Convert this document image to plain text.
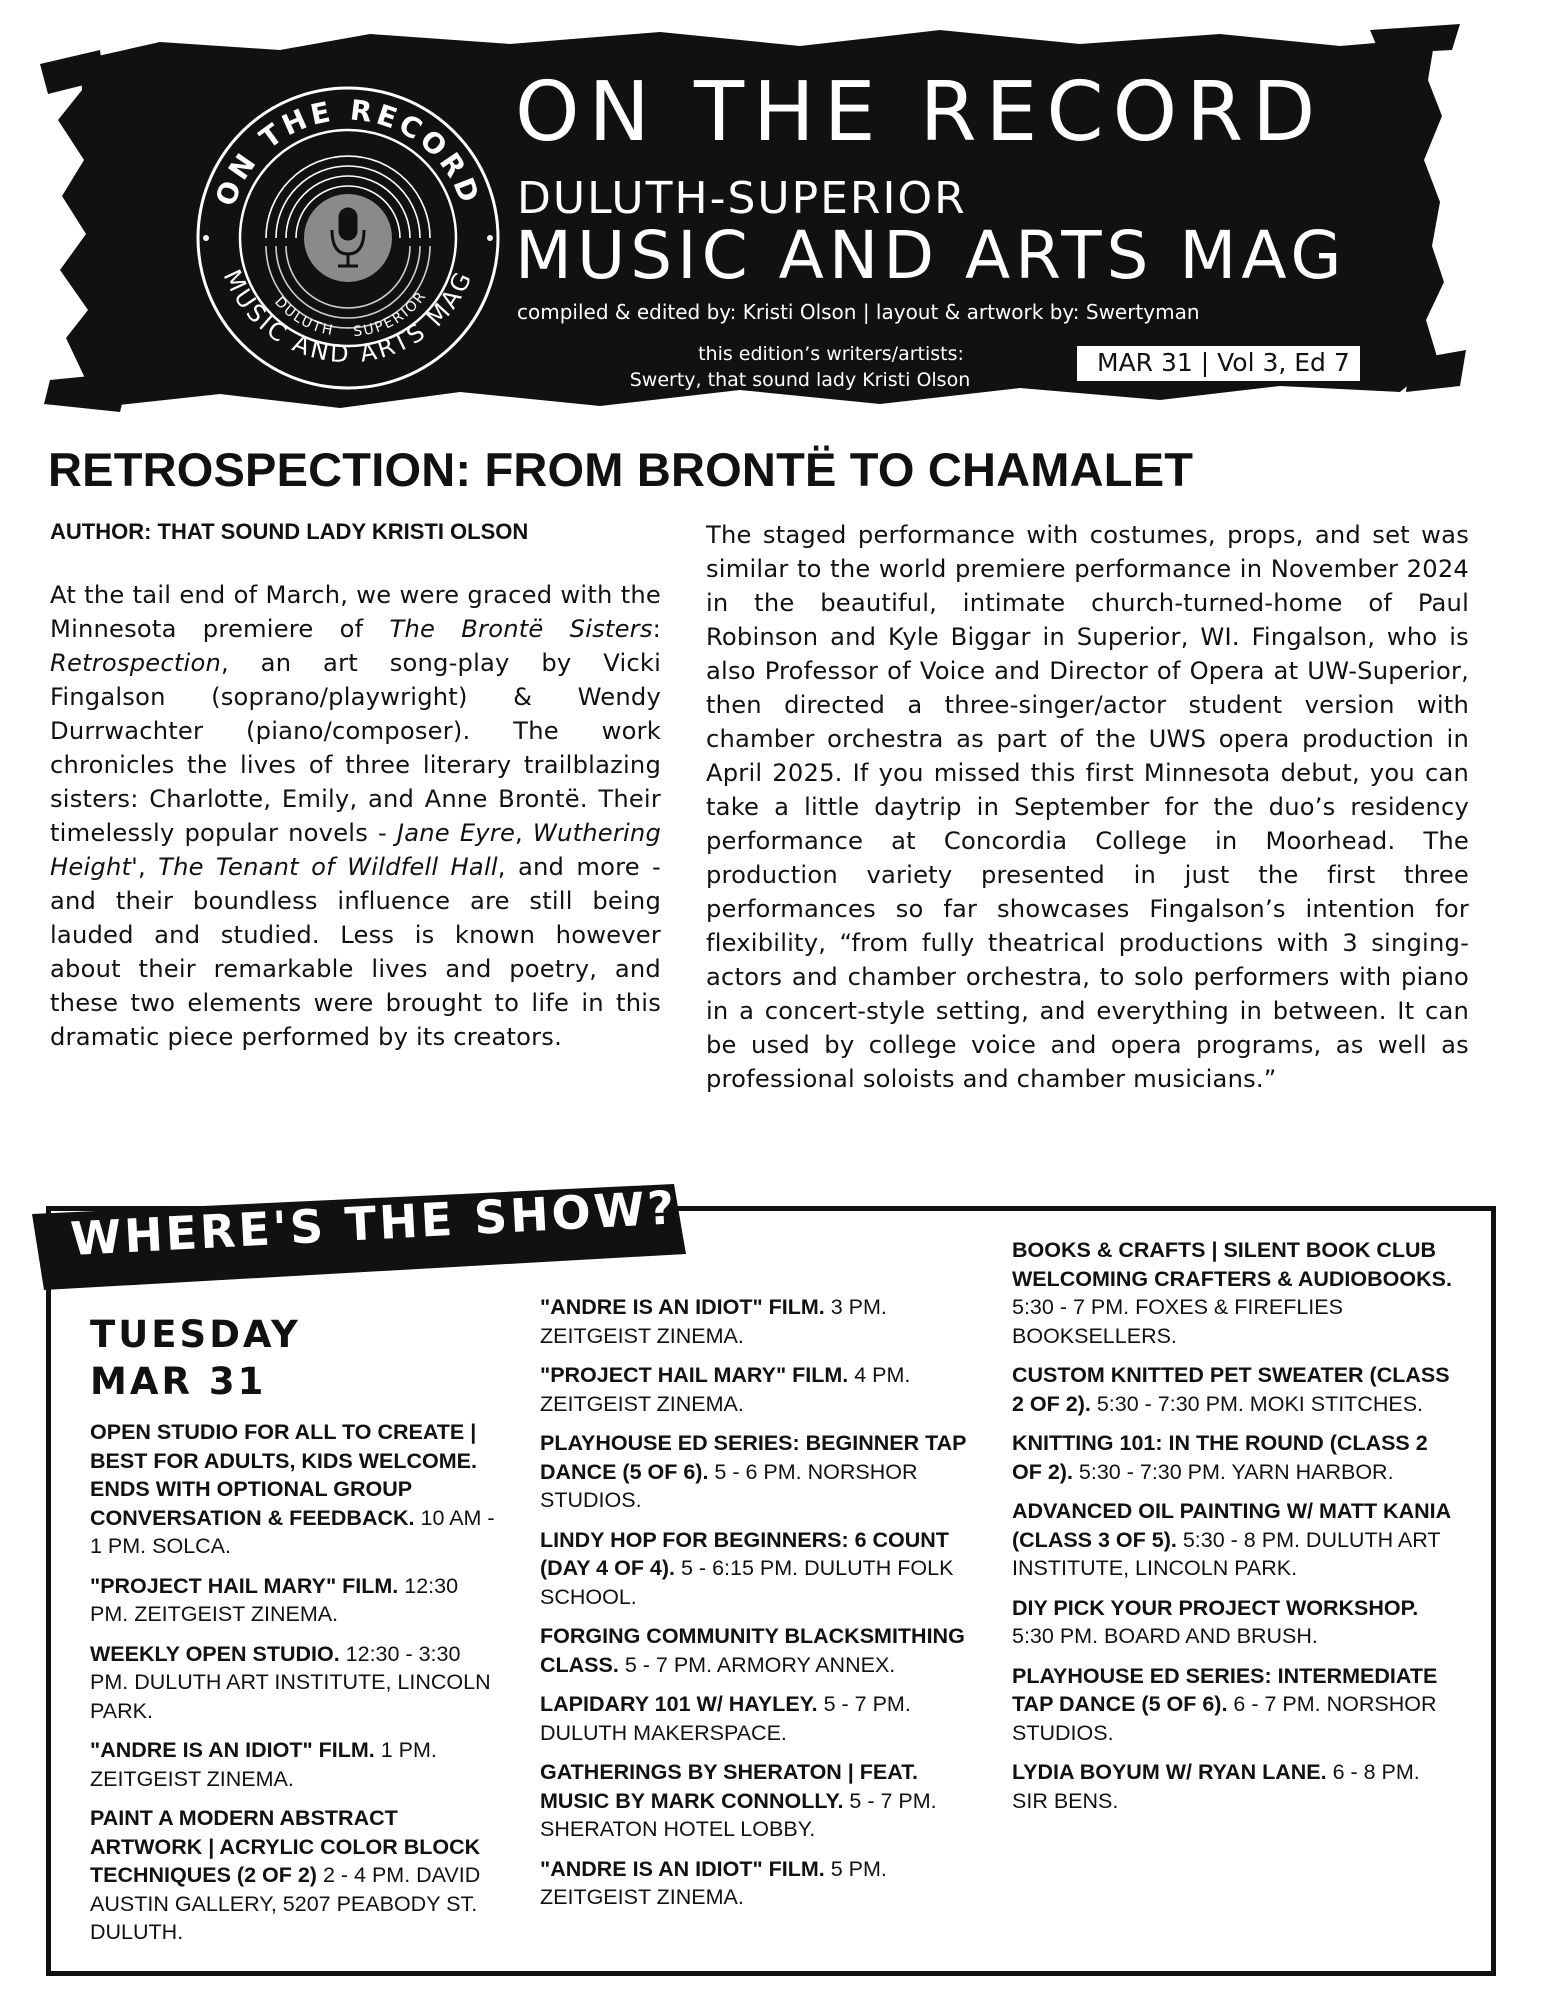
ON THE RECORD
MUSIC AND ARTS MAG
DULUTH SUPERIOR
ON THE RECORD
DULUTH-SUPERIOR
MUSIC AND ARTS MAG
compiled & edited by: Kristi Olson | layout & artwork by: Swertyman
this edition’s writers/artists:
Swerty, that sound lady Kristi Olson
MAR 31 | Vol 3, Ed 7
RETROSPECTION: FROM BRONTË TO CHAMALET
AUTHOR: THAT SOUND LADY KRISTI OLSON

At the tail end of March, we were graced with the Minnesota premiere of The Brontë Sisters: Retrospection, an art song-play by Vicki Fingalson (soprano/playwright) & Wendy Durrwachter (piano/composer). The work chronicles the lives of three literary trailblazing sisters: Charlotte, Emily, and Anne Brontë. Their timelessly popular novels - Jane Eyre, Wuthering Height', The Tenant of Wildfell Hall, and more - and their boundless influence are still being lauded and studied. Less is known however about their remarkable lives and poetry, and these two elements were brought to life in this dramatic piece performed by its creators.

The staged performance with costumes, props, and set was similar to the world premiere performance in November 2024 in the beautiful, intimate church-turned-home of Paul Robinson and Kyle Biggar in Superior, WI. Fingalson, who is also Professor of Voice and Director of Opera at UW-Superior, then directed a three-singer/actor student version with chamber orchestra as part of the UWS opera production in April 2025. If you missed this first Minnesota debut, you can take a little daytrip in September for the duo’s residency performance at Concordia College in Moorhead. The production variety presented in just the first three performances so far showcases Fingalson’s intention for flexibility, “from fully theatrical productions with 3 singing-actors and chamber orchestra, to solo performers with piano in a concert-style setting, and everything in between. It can be used by college voice and opera programs, as well as professional soloists and chamber musicians.”

WHERE'S THE SHOW?
TUESDAY
MAR 31
OPEN STUDIO FOR ALL TO CREATE | BEST FOR ADULTS, KIDS WELCOME. ENDS WITH OPTIONAL GROUP CONVERSATION & FEEDBACK. 10 AM - 1 PM. SOLCA.
"PROJECT HAIL MARY" FILM. 12:30 PM. ZEITGEIST ZINEMA.
WEEKLY OPEN STUDIO. 12:30 - 3:30 PM. DULUTH ART INSTITUTE, LINCOLN PARK.
"ANDRE IS AN IDIOT" FILM. 1 PM. ZEITGEIST ZINEMA.
PAINT A MODERN ABSTRACT ARTWORK | ACRYLIC COLOR BLOCK TECHNIQUES (2 OF 2) 2 - 4 PM. DAVID AUSTIN GALLERY, 5207 PEABODY ST. DULUTH.
"ANDRE IS AN IDIOT" FILM. 3 PM. ZEITGEIST ZINEMA.
"PROJECT HAIL MARY" FILM. 4 PM. ZEITGEIST ZINEMA.
PLAYHOUSE ED SERIES: BEGINNER TAP DANCE (5 OF 6). 5 - 6 PM. NORSHOR STUDIOS.
LINDY HOP FOR BEGINNERS: 6 COUNT (DAY 4 OF 4). 5 - 6:15 PM. DULUTH FOLK SCHOOL.
FORGING COMMUNITY BLACKSMITHING CLASS. 5 - 7 PM. ARMORY ANNEX.
LAPIDARY 101 W/ HAYLEY. 5 - 7 PM. DULUTH MAKERSPACE.
GATHERINGS BY SHERATON | FEAT. MUSIC BY MARK CONNOLLY. 5 - 7 PM. SHERATON HOTEL LOBBY.
"ANDRE IS AN IDIOT" FILM. 5 PM. ZEITGEIST ZINEMA.
BOOKS & CRAFTS | SILENT BOOK CLUB WELCOMING CRAFTERS & AUDIOBOOKS. 5:30 - 7 PM. FOXES & FIREFLIES BOOKSELLERS.
CUSTOM KNITTED PET SWEATER (CLASS 2 OF 2). 5:30 - 7:30 PM. MOKI STITCHES.
KNITTING 101: IN THE ROUND (CLASS 2 OF 2). 5:30 - 7:30 PM. YARN HARBOR.
ADVANCED OIL PAINTING W/ MATT KANIA (CLASS 3 OF 5). 5:30 - 8 PM. DULUTH ART INSTITUTE, LINCOLN PARK.
DIY PICK YOUR PROJECT WORKSHOP. 5:30 PM. BOARD AND BRUSH.
PLAYHOUSE ED SERIES: INTERMEDIATE TAP DANCE (5 OF 6). 6 - 7 PM. NORSHOR STUDIOS.
LYDIA BOYUM W/ RYAN LANE. 6 - 8 PM. SIR BENS.
